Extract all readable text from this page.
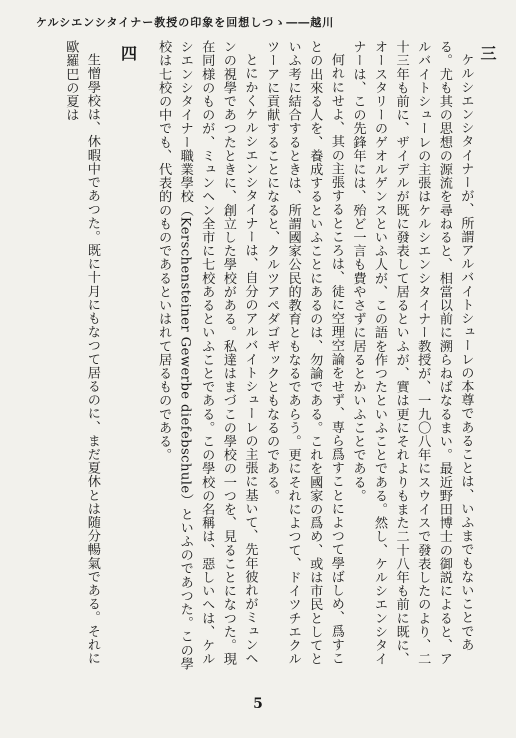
ケルシエンシタイナー教授の印象を回想しつゝ――越川
三
ケルシエンシタイナーが、所謂アルバイトシューレの本尊であることは、いふまでもないことである。尤も其の思想の源流を尋ねると、相當以前に溯らねばなるまい。最近野田博士の御説によると、アルバイトシューレの主張はケルシエンシタイナー教授が、一九〇八年にスウイスで發表したのより、二十三年も前に、ザイデルが既に發表して居るといふが、實は更にそれよりもまた二十八年も前に既に、オースタリーのゲオルゲンスといふ人が、この語を作つたといふことである。然し、ケルシエンシタイナーは、この先鋒年には、殆ど一言も費やさずに居るとかいふことである。
何れにせよ、其の主張するところは、徒に空理空論をせず、専ら爲すことによつて學ばしめ、爲すことの出來る人を、養成するといふことにあるのは、勿論である。これを國家の爲め、或は市民としてといふ考に結合するときは、所謂國家公民的教育ともなるであらう。更にそれによつて、ドイツチエクルツーアに貢献することになると、クルツアペダゴギックともなるのである。
とにかくケルシエンシタイナーは、自分のアルバイトシューレの主張に基いて、先年彼れがミュンヘンの視學であつたときに、創立した學校がある。私達はまづこの學校の一つを、見ることになつた。現在同様のものが、ミュンヘン全市に七校あるといふことである。この學校の名稱は、惡しいへは、ケルシエンシタイナー職業學校（Kerschensteiner Gewerbe diefebschule）といふのであつた。この學校は七校の中でも、代表的のものであるといはれて居るものである。
四
生憎學校は、休暇中であつた。既に十月にもなつて居るのに、まだ夏休とは随分暢氣である。それに歐羅巴の夏は
5
